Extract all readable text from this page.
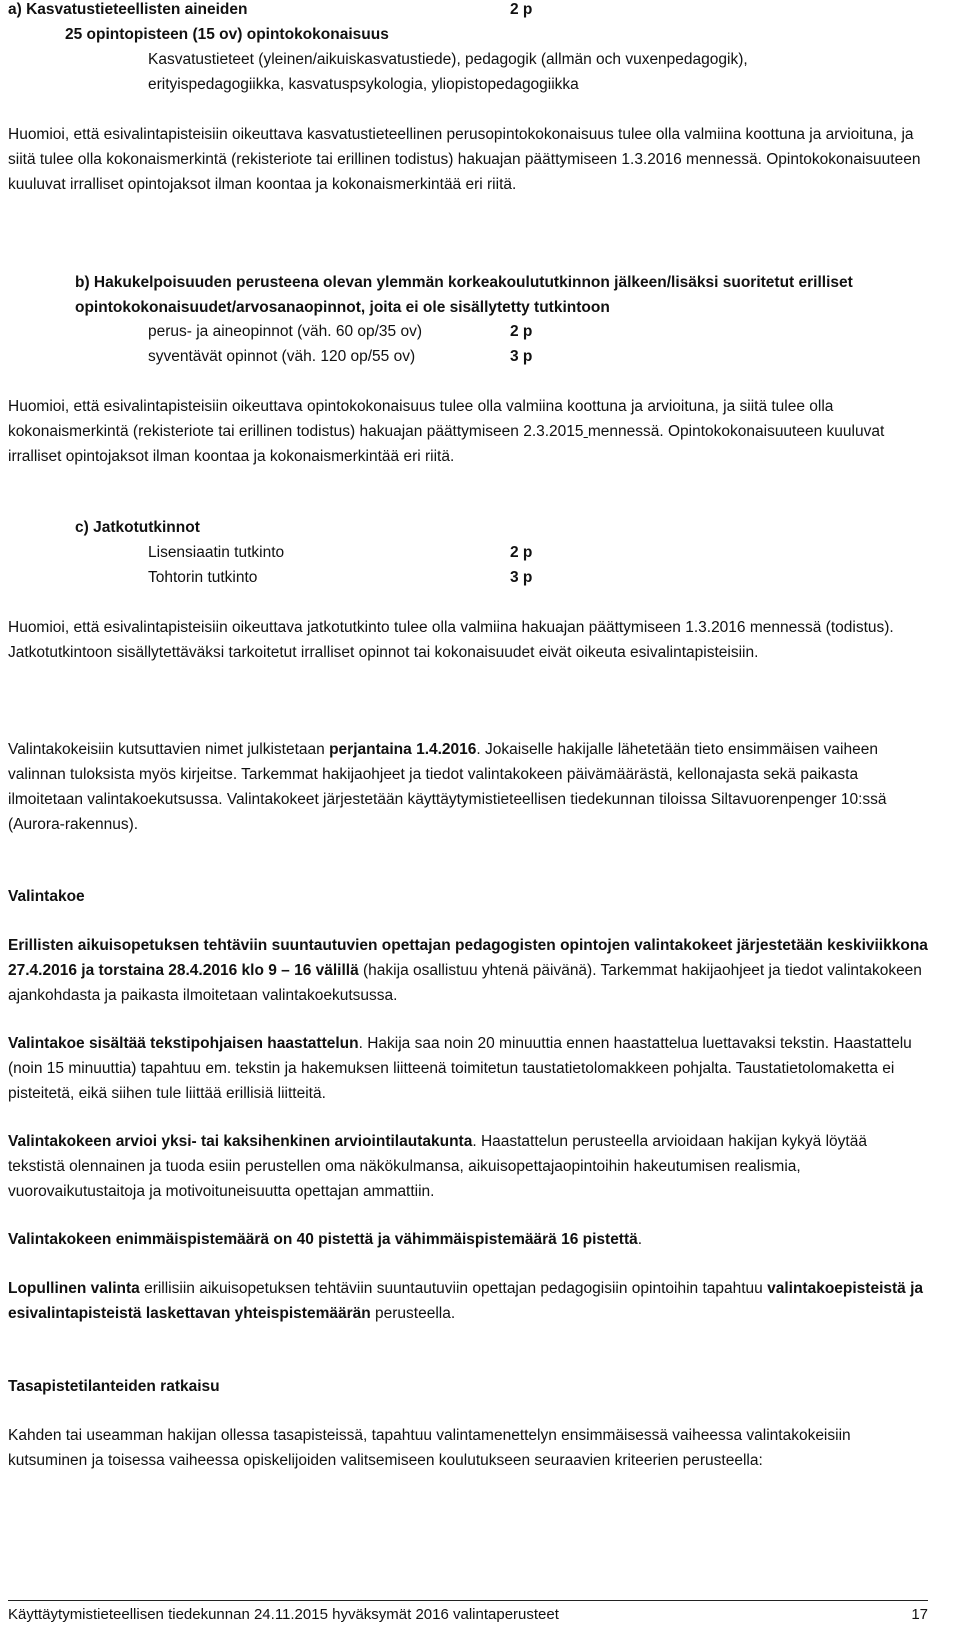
a) Kasvatustieteellisten aineiden	2 p
25 opintopisteen (15 ov) opintokokonaisuus
Kasvatustieteet (yleinen/aikuiskasvatustiede), pedagogik (allmän och vuxenpedagogik),
erityispedagogiikka, kasvatuspsykologia, yliopistopedagogiikka

Huomioi, että esivalintapisteisiin oikeuttava kasvatustieteellinen perusopintokokonaisuus tulee olla valmiina koottuna ja arvioituna, ja siitä tulee olla kokonaismerkintä (rekisteriote tai erillinen todistus) hakuajan päättymiseen 1.3.2016 mennessä. Opintokokonaisuuteen kuuluvat irralliset opintojaksot ilman koontaa ja kokonaismerkintää eri riitä.

b) Hakukelpoisuuden perusteena olevan ylemmän korkeakoulututkinnon jälkeen/lisäksi suoritetut erilliset opintokokonaisuudet/arvosanaopinnot, joita ei ole sisällytetty tutkintoon

perus- ja aineopinnot (väh. 60 op/35 ov)	2 p
syventävät opinnot (väh. 120 op/55 ov)	3 p

Huomioi, että esivalintapisteisiin oikeuttava opintokokonaisuus tulee olla valmiina koottuna ja arvioituna, ja siitä tulee olla kokonaismerkintä (rekisteriote tai erillinen todistus) hakuajan päättymiseen 2.3.2015 mennessä. Opintokokonaisuuteen kuuluvat irralliset opintojaksot ilman koontaa ja kokonaismerkintää eri riitä.

c) Jatkotutkinnot
Lisensiaatin tutkinto	2 p
Tohtorin tutkinto	3 p

Huomioi, että esivalintapisteisiin oikeuttava jatkotutkinto tulee olla valmiina hakuajan päättymiseen 1.3.2016 mennessä (todistus). Jatkotutkintoon sisällytettäväksi tarkoitetut irralliset opinnot tai kokonaisuudet eivät oikeuta esivalintapisteisiin.

Valintakokeisiin kutsuttavien nimet julkistetaan perjantaina 1.4.2016. Jokaiselle hakijalle lähetetään tieto ensimmäisen vaiheen valinnan tuloksista myös kirjeitse. Tarkemmat hakijaohjeet ja tiedot valintakokeen päivämäärästä, kellonajasta sekä paikasta ilmoitetaan valintakoekutsussa. Valintakokeet järjestetään käyttäytymistieteellisen tiedekunnan tiloissa Siltavuorenpenger 10:ssä (Aurora-rakennus).

Valintakoe

Erillisten aikuisopetuksen tehtäviin suuntautuvien opettajan pedagogisten opintojen valintakokeet järjestetään keskiviikkona 27.4.2016 ja torstaina 28.4.2016 klo 9 – 16 välillä (hakija osallistuu yhtenä päivänä). Tarkemmat hakijaohjeet ja tiedot valintakokeen ajankohdasta ja paikasta ilmoitetaan valintakoekutsussa.

Valintakoe sisältää tekstipohjaisen haastattelun. Hakija saa noin 20 minuuttia ennen haastattelua luettavaksi tekstin. Haastattelu (noin 15 minuuttia) tapahtuu em. tekstin ja hakemuksen liitteenä toimitetun taustatietolomakkeen pohjalta. Taustatietolomaketta ei pisteitetä, eikä siihen tule liittää erillisiä liitteitä.

Valintakokeen arvioi yksi- tai kaksihenkinen arviointilautakunta. Haastattelun perusteella arvioidaan hakijan kykyä löytää tekstistä olennainen ja tuoda esiin perustellen oma näkökulmansa, aikuisopettajaopintoihin hakeutumisen realismia, vuorovaikutustaitoja ja motivoituneisuutta opettajan ammattiin.

Valintakokeen enimmäispistemäärä on 40 pistettä ja vähimmäispistemäärä 16 pistettä.

Lopullinen valinta erillisiin aikuisopetuksen tehtäviin suuntautuviin opettajan pedagogisiin opintoihin tapahtuu valintakoepisteistä ja esivalintapisteistä laskettavan yhteispistemäärän perusteella.

Tasapistetilanteiden ratkaisu

Kahden tai useamman hakijan ollessa tasapisteissä, tapahtuu valintamenettelyn ensimmäisessä vaiheessa valintakokeisiin kutsuminen ja toisessa vaiheessa opiskelijoiden valitsemiseen koulutukseen seuraavien kriteerien perusteella:

Käyttäytymistieteellisen tiedekunnan 24.11.2015 hyväksymät 2016 valintaperusteet	17
